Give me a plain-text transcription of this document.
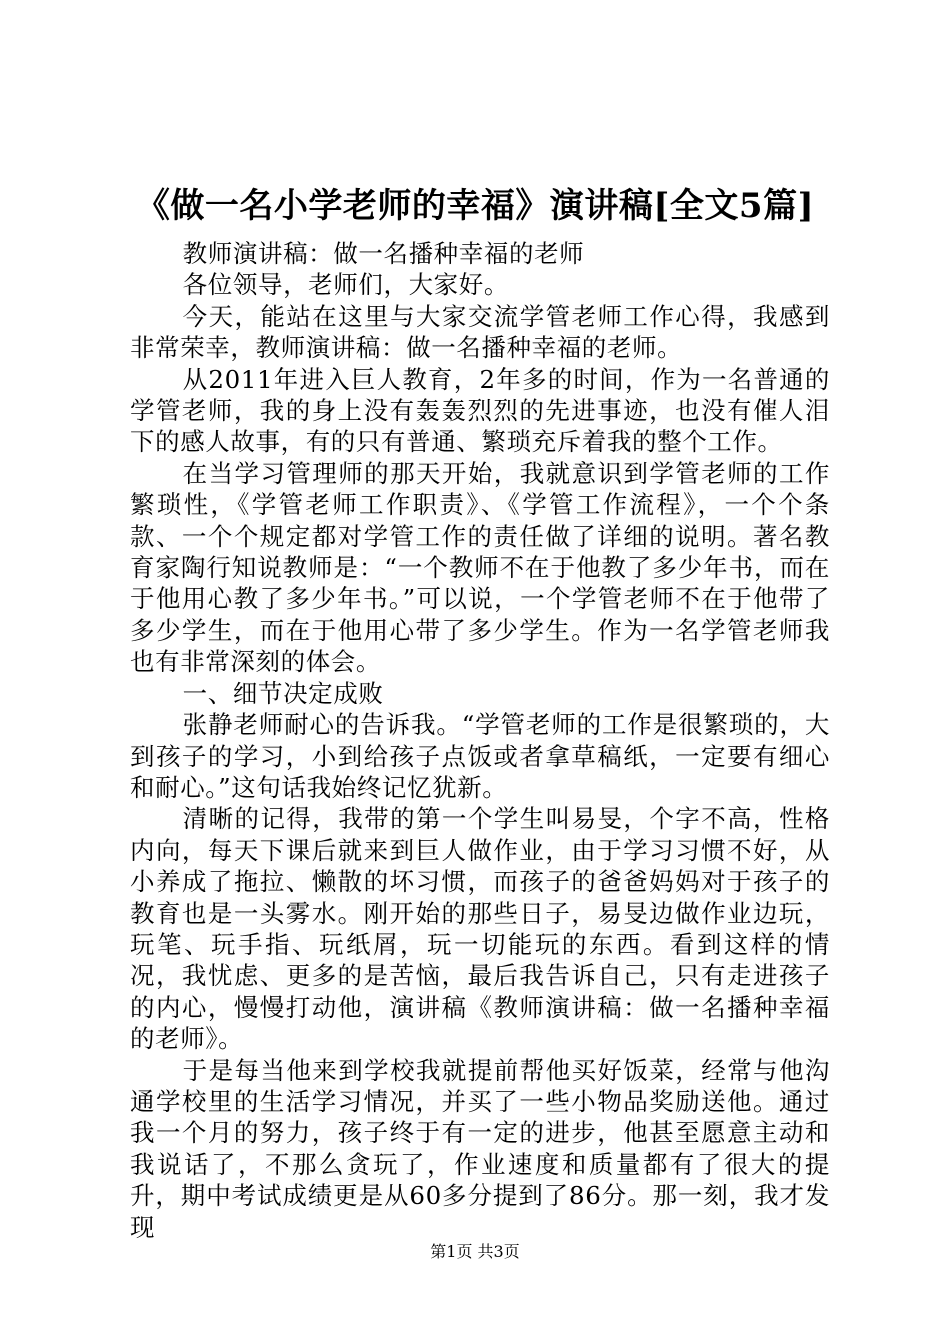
《做一名小学老师的幸福》演讲稿[全文5篇]

教师演讲稿：做一名播种幸福的老师

各位领导，老师们，大家好。

今天，能站在这里与大家交流学管老师工作心得，我感到非常荣幸，教师演讲稿：做一名播种幸福的老师。

从2011年进入巨人教育，2年多的时间，作为一名普通的学管老师，我的身上没有轰轰烈烈的先进事迹，也没有催人泪下的感人故事，有的只有普通、繁琐充斥着我的整个工作。

在当学习管理师的那天开始，我就意识到学管老师的工作繁琐性，《学管老师工作职责》、《学管工作流程》，一个个条款、一个个规定都对学管工作的责任做了详细的说明。著名教育家陶行知说教师是：“一个教师不在于他教了多少年书，而在于他用心教了多少年书。”可以说，一个学管老师不在于他带了多少学生，而在于他用心带了多少学生。作为一名学管老师我也有非常深刻的体会。

一、细节决定成败

张静老师耐心的告诉我。“学管老师的工作是很繁琐的，大到孩子的学习，小到给孩子点饭或者拿草稿纸，一定要有细心和耐心。”这句话我始终记忆犹新。

清晰的记得，我带的第一个学生叫易旻，个字不高，性格内向，每天下课后就来到巨人做作业，由于学习习惯不好，从小养成了拖拉、懒散的坏习惯，而孩子的爸爸妈妈对于孩子的教育也是一头雾水。刚开始的那些日子，易旻边做作业边玩，玩笔、玩手指、玩纸屑，玩一切能玩的东西。看到这样的情况，我忧虑、更多的是苦恼，最后我告诉自己，只有走进孩子的内心，慢慢打动他，演讲稿《教师演讲稿：做一名播种幸福的老师》。

于是每当他来到学校我就提前帮他买好饭菜，经常与他沟通学校里的生活学习情况，并买了一些小物品奖励送他。通过我一个月的努力，孩子终于有一定的进步，他甚至愿意主动和我说话了，不那么贪玩了，作业速度和质量都有了很大的提升，期中考试成绩更是从60多分提到了86分。那一刻，我才发现

第1页 共3页
